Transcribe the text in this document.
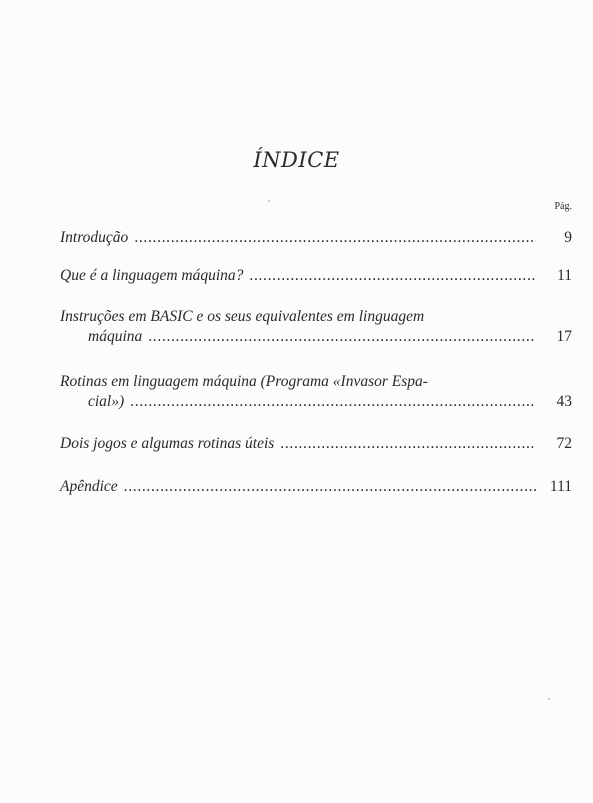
ÍNDICE
Pág.
Introdução . . .	9
Que é a linguagem máquina? . . .	11
Instruções em BASIC e os seus equivalentes em linguagem
máquina . . .	17
Rotinas em linguagem máquina (Programa «Invasor Espa-
cial») . . .	43
Dois jogos e algumas rotinas úteis . . .	72
Apêndice . . .	111
